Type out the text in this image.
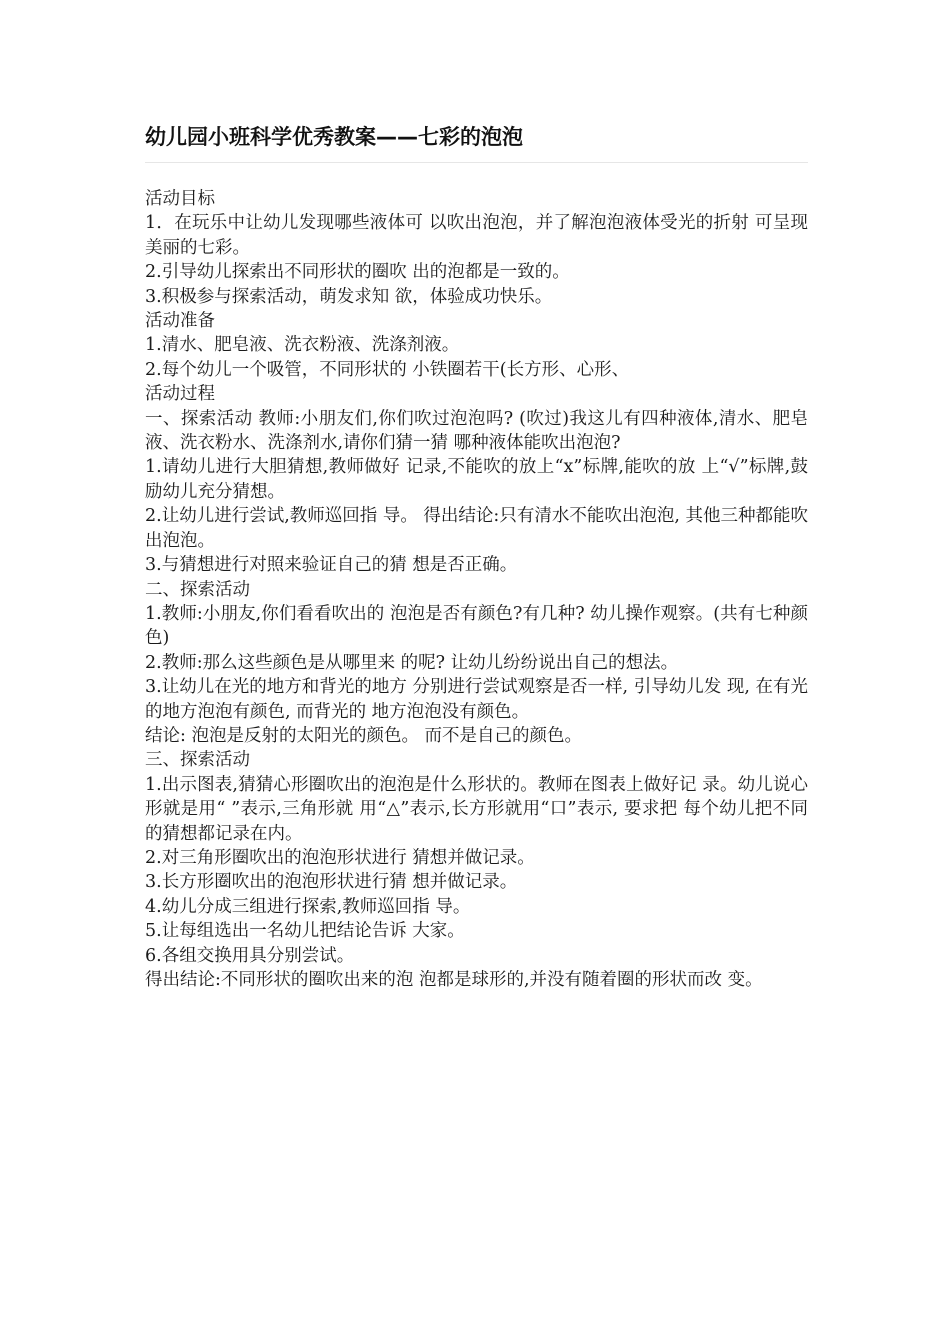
幼儿园小班科学优秀教案——七彩的泡泡

活动目标

1．在玩乐中让幼儿发现哪些液体可 以吹出泡泡，并了解泡泡液体受光的折射 可呈现美丽的七彩。

2.引导幼儿探索出不同形状的圈吹 出的泡都是一致的。

3.积极参与探索活动，萌发求知 欲，体验成功快乐。

活动准备

1.清水、肥皂液、洗衣粉液、洗涤剂液。

2.每个幼儿一个吸管，不同形状的 小铁圈若干(长方形、心形、

活动过程

一、探索活动 教师:小朋友们,你们吹过泡泡吗? (吹过)我这儿有四种液体,清水、肥皂 液、洗衣粉水、洗涤剂水,请你们猜一猜 哪种液体能吹出泡泡?

1.请幼儿进行大胆猜想,教师做好 记录,不能吹的放上“x”标牌,能吹的放 上“√”标牌,鼓励幼儿充分猜想。

2.让幼儿进行尝试,教师巡回指 导。 得出结论:只有清水不能吹出泡泡, 其他三种都能吹出泡泡。

3.与猜想进行对照来验证自己的猜 想是否正确。

二、探索活动

1.教师:小朋友,你们看看吹出的 泡泡是否有颜色?有几种? 幼儿操作观察。(共有七种颜色)

2.教师:那么这些颜色是从哪里来 的呢? 让幼儿纷纷说出自己的想法。

3.让幼儿在光的地方和背光的地方 分别进行尝试观察是否一样, 引导幼儿发 现, 在有光的地方泡泡有颜色, 而背光的 地方泡泡没有颜色。

结论: 泡泡是反射的太阳光的颜色。 而不是自己的颜色。

三、探索活动

1.出示图表,猜猜心形圈吹出的泡泡是什么形状的。教师在图表上做好记 录。幼儿说心形就是用“ ”表示,三角形就 用“△”表示,长方形就用“口”表示, 要求把 每个幼儿把不同的猜想都记录在内。

2.对三角形圈吹出的泡泡形状进行 猜想并做记录。

3.长方形圈吹出的泡泡形状进行猜 想并做记录。

4.幼儿分成三组进行探索,教师巡回指 导。

5.让每组选出一名幼儿把结论告诉 大家。

6.各组交换用具分别尝试。

得出结论:不同形状的圈吹出来的泡 泡都是球形的,并没有随着圈的形状而改 变。
